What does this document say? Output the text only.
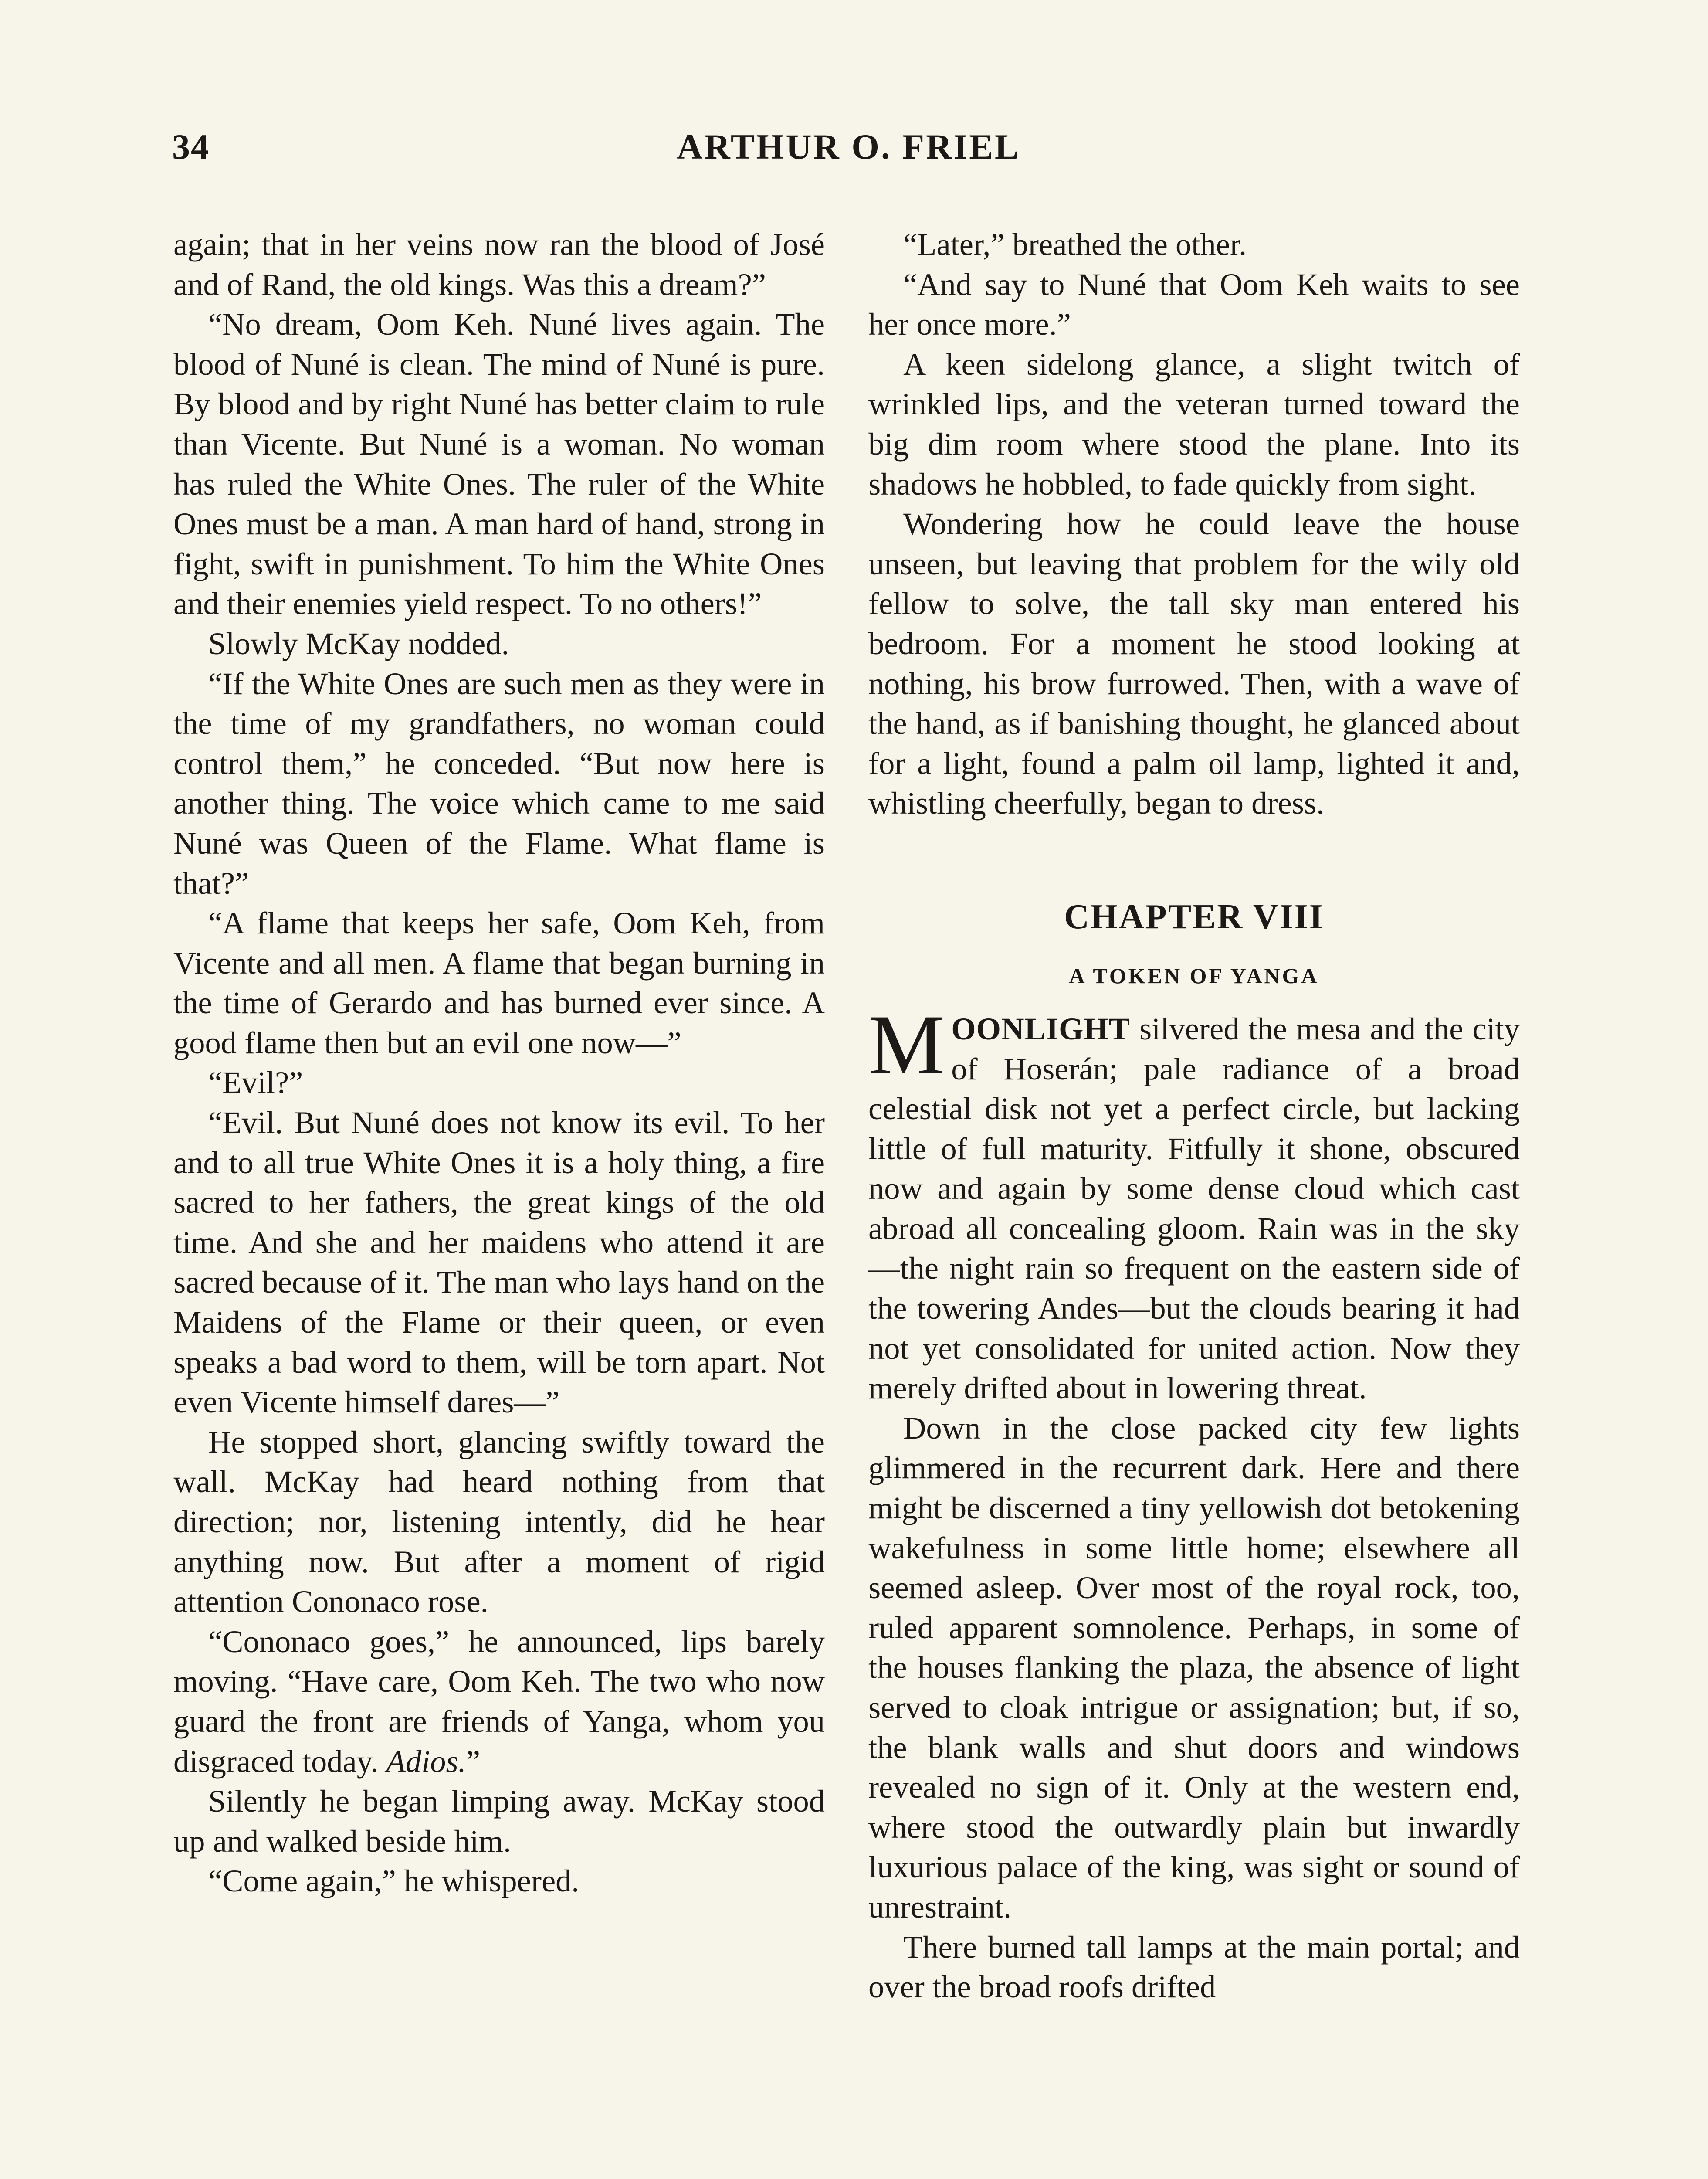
34	ARTHUR O. FRIEL

again; that in her veins now ran the blood of José and of Rand, the old kings. Was this a dream?”

“No dream, Oom Keh. Nuné lives again. The blood of Nuné is clean. The mind of Nuné is pure. By blood and by right Nuné has better claim to rule than Vicente. But Nuné is a woman. No woman has ruled the White Ones. The ruler of the White Ones must be a man. A man hard of hand, strong in fight, swift in punishment. To him the White Ones and their enemies yield respect. To no others!”

Slowly McKay nodded.

“If the White Ones are such men as they were in the time of my grandfathers, no woman could control them,” he conceded. “But now here is another thing. The voice which came to me said Nuné was Queen of the Flame. What flame is that?”

“A flame that keeps her safe, Oom Keh, from Vicente and all men. A flame that began burning in the time of Gerardo and has burned ever since. A good flame then but an evil one now—”

“Evil?”

“Evil. But Nuné does not know its evil. To her and to all true White Ones it is a holy thing, a fire sacred to her fathers, the great kings of the old time. And she and her maidens who attend it are sacred because of it. The man who lays hand on the Maidens of the Flame or their queen, or even speaks a bad word to them, will be torn apart. Not even Vicente himself dares—”

He stopped short, glancing swiftly toward the wall. McKay had heard nothing from that direction; nor, listening intently, did he hear anything now. But after a moment of rigid attention Cononaco rose.

“Cononaco goes,” he announced, lips barely moving. “Have care, Oom Keh. The two who now guard the front are friends of Yanga, whom you disgraced today. Adios.”

Silently he began limping away. McKay stood up and walked beside him.

“Come again,” he whispered.

“Later,” breathed the other.

“And say to Nuné that Oom Keh waits to see her once more.”

A keen sidelong glance, a slight twitch of wrinkled lips, and the veteran turned toward the big dim room where stood the plane. Into its shadows he hobbled, to fade quickly from sight.

Wondering how he could leave the house unseen, but leaving that problem for the wily old fellow to solve, the tall sky man entered his bedroom. For a moment he stood looking at nothing, his brow furrowed. Then, with a wave of the hand, as if banishing thought, he glanced about for a light, found a palm oil lamp, lighted it and, whistling cheerfully, began to dress.

CHAPTER VIII
A TOKEN OF YANGA

MOONLIGHT silvered the mesa and the city of Hoserán; pale radiance of a broad celestial disk not yet a perfect circle, but lacking little of full maturity. Fitfully it shone, obscured now and again by some dense cloud which cast abroad all concealing gloom. Rain was in the sky—the night rain so frequent on the eastern side of the towering Andes—but the clouds bearing it had not yet consolidated for united action. Now they merely drifted about in lowering threat.

Down in the close packed city few lights glimmered in the recurrent dark. Here and there might be discerned a tiny yellowish dot betokening wakefulness in some little home; elsewhere all seemed asleep. Over most of the royal rock, too, ruled apparent somnolence. Perhaps, in some of the houses flanking the plaza, the absence of light served to cloak intrigue or assignation; but, if so, the blank walls and shut doors and windows revealed no sign of it. Only at the western end, where stood the outwardly plain but inwardly luxurious palace of the king, was sight or sound of unrestraint.

There burned tall lamps at the main portal; and over the broad roofs drifted
